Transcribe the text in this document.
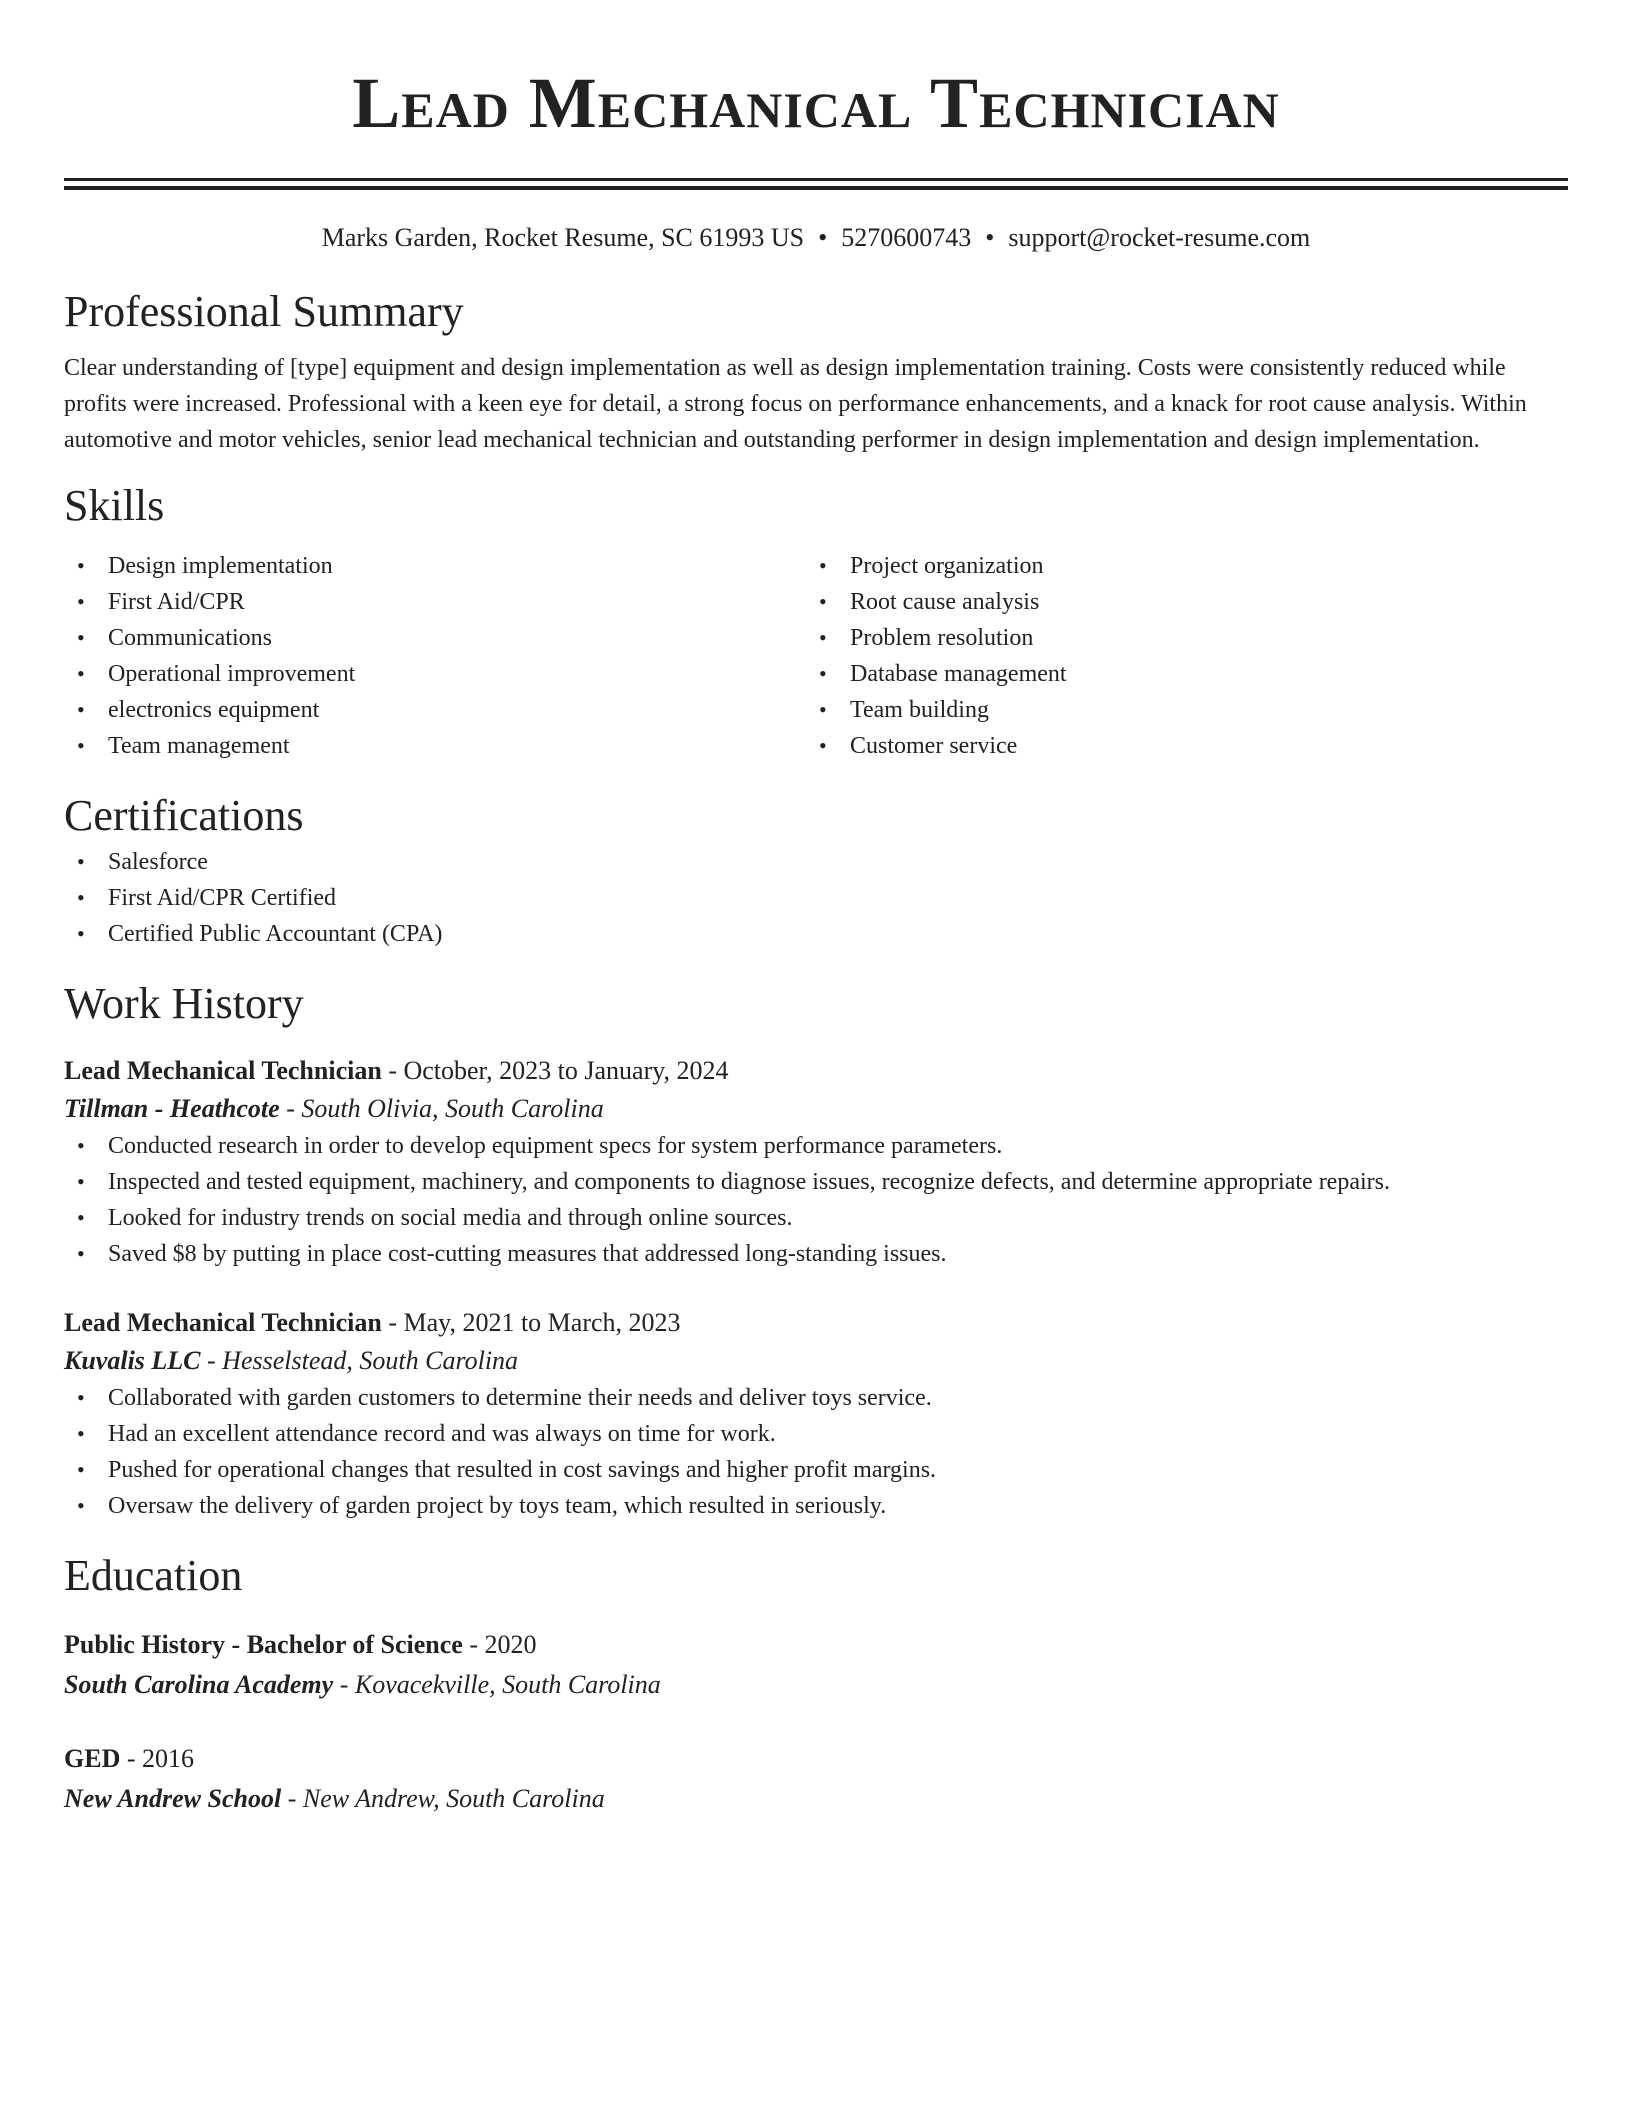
Lead Mechanical Technician
Marks Garden, Rocket Resume, SC 61993 US • 5270600743 • support@rocket-resume.com
Professional Summary

Clear understanding of [type] equipment and design implementation as well as design implementation training. Costs were consistently reduced while profits were increased. Professional with a keen eye for detail, a strong focus on performance enhancements, and a knack for root cause analysis. Within automotive and motor vehicles, senior lead mechanical technician and outstanding performer in design implementation and design implementation.

Skills
• Design implementation
• First Aid/CPR
• Communications
• Operational improvement
• electronics equipment
• Team management
• Project organization
• Root cause analysis
• Problem resolution
• Database management
• Team building
• Customer service
Certifications
• Salesforce
• First Aid/CPR Certified
• Certified Public Accountant (CPA)
Work History
Lead Mechanical Technician - October, 2023 to January, 2024
Tillman - Heathcote - South Olivia, South Carolina
• Conducted research in order to develop equipment specs for system performance parameters.
• Inspected and tested equipment, machinery, and components to diagnose issues, recognize defects, and determine appropriate repairs.
• Looked for industry trends on social media and through online sources.
• Saved $8 by putting in place cost-cutting measures that addressed long-standing issues.
Lead Mechanical Technician - May, 2021 to March, 2023
Kuvalis LLC - Hesselstead, South Carolina
• Collaborated with garden customers to determine their needs and deliver toys service.
• Had an excellent attendance record and was always on time for work.
• Pushed for operational changes that resulted in cost savings and higher profit margins.
• Oversaw the delivery of garden project by toys team, which resulted in seriously.
Education
Public History - Bachelor of Science - 2020
South Carolina Academy - Kovacekville, South Carolina
GED - 2016
New Andrew School - New Andrew, South Carolina
